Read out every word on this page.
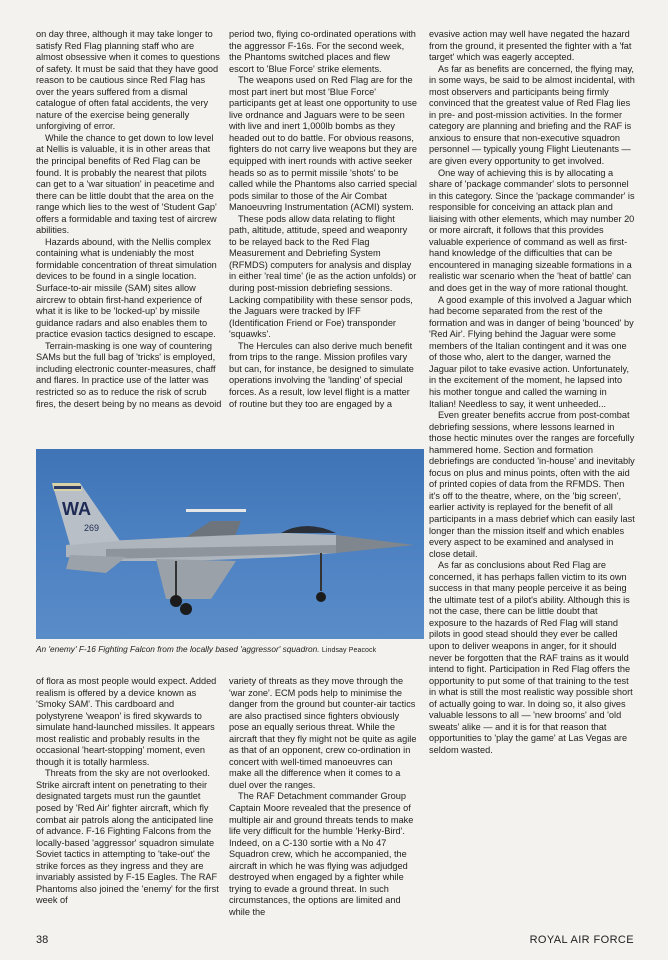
on day three, although it may take longer to satisfy Red Flag planning staff who are almost obsessive when it comes to questions of safety. It must be said that they have good reason to be cautious since Red Flag has over the years suffered from a dismal catalogue of often fatal accidents, the very nature of the exercise being generally unforgiving of error.

While the chance to get down to low level at Nellis is valuable, it is in other areas that the principal benefits of Red Flag can be found. It is probably the nearest that pilots can get to a 'war situation' in peacetime and there can be little doubt that the area on the range which lies to the west of 'Student Gap' offers a formidable and taxing test of aircrew abilities.

Hazards abound, with the Nellis complex containing what is undeniably the most formidable concentration of threat simulation devices to be found in a single location. Surface-to-air missile (SAM) sites allow aircrew to obtain first-hand experience of what it is like to be 'locked-up' by missile guidance radars and also enables them to practice evasion tactics designed to escape.

Terrain-masking is one way of countering SAMs but the full bag of 'tricks' is employed, including electronic counter-measures, chaff and flares. In practice use of the latter was restricted so as to reduce the risk of scrub fires, the desert being by no means as devoid

period two, flying co-ordinated operations with the aggressor F-16s. For the second week, the Phantoms switched places and flew escort to 'Blue Force' strike elements.

The weapons used on Red Flag are for the most part inert but most 'Blue Force' participants get at least one opportunity to use live ordnance and Jaguars were to be seen with live and inert 1,000lb bombs as they headed out to do battle. For obvious reasons, fighters do not carry live weapons but they are equipped with inert rounds with active seeker heads so as to permit missile 'shots' to be called while the Phantoms also carried special pods similar to those of the Air Combat Manoeuvring Instrumentation (ACMI) system.

These pods allow data relating to flight path, altitude, attitude, speed and weaponry to be relayed back to the Red Flag Measurement and Debriefing System (RFMDS) computers for analysis and display in either 'real time' (ie as the action unfolds) or during post-mission debriefing sessions. Lacking compatibility with these sensor pods, the Jaguars were tracked by IFF (Identification Friend or Foe) transponder 'squawks'.

The Hercules can also derive much benefit from trips to the range. Mission profiles vary but can, for instance, be designed to simulate operations involving the 'landing' of special forces. As a result, low level flight is a matter of routine but they too are engaged by a

evasive action may well have negated the hazard from the ground, it presented the fighter with a 'fat target' which was eagerly accepted.

As far as benefits are concerned, the flying may, in some ways, be said to be almost incidental, with most observers and participants being firmly convinced that the greatest value of Red Flag lies in pre- and post-mission activities. In the former category are planning and briefing and the RAF is anxious to ensure that non-executive squadron personnel — typically young Flight Lieutenants — are given every opportunity to get involved.

One way of achieving this is by allocating a share of 'package commander' slots to personnel in this category. Since the 'package commander' is responsible for conceiving an attack plan and liaising with other elements, which may number 20 or more aircraft, it follows that this provides valuable experience of command as well as first-hand knowledge of the difficulties that can be encountered in managing sizeable formations in a realistic war scenario when the 'heat of battle' can and does get in the way of more rational thought.

A good example of this involved a Jaguar which had become separated from the rest of the formation and was in danger of being 'bounced' by 'Red Air'. Flying behind the Jaguar were some members of the Italian contingent and it was one of those who, alert to the danger, warned the Jaguar pilot to take evasive action. Unfortunately, in the excitement of the moment, he lapsed into his mother tongue and called the warning in Italian! Needless to say, it went unheeded...

Even greater benefits accrue from post-combat debriefing sessions, where lessons learned in those hectic minutes over the ranges are forcefully hammered home. Section and formation debriefings are conducted 'in-house' and inevitably focus on plus and minus points, often with the aid of printed copies of data from the RFMDS. Then it's off to the theatre, where, on the 'big screen', earlier activity is replayed for the benefit of all participants in a mass debrief which can easily last longer than the mission itself and which enables every aspect to be examined and analysed in close detail.

As far as conclusions about Red Flag are concerned, it has perhaps fallen victim to its own success in that many people perceive it as being the ultimate test of a pilot's ability. Although this is not the case, there can be little doubt that exposure to the hazards of Red Flag will stand pilots in good stead should they ever be called upon to deliver weapons in anger, for it should never be forgotten that the RAF trains as it would intend to fight. Participation in Red Flag offers the opportunity to put some of that training to the test in what is still the most realistic way possible short of actually going to war. In doing so, it also gives valuable lessons to all — 'new brooms' and 'old sweats' alike — and it is for that reason that opportunities to 'play the game' at Las Vegas are seldom wasted.

WA
269
An 'enemy' F-16 Fighting Falcon from the locally based 'aggressor' squadron. Lindsay Peacock

of flora as most people would expect. Added realism is offered by a device known as 'Smoky SAM'. This cardboard and polystyrene 'weapon' is fired skywards to simulate hand-launched missiles. It appears most realistic and probably results in the occasional 'heart-stopping' moment, even though it is totally harmless.

Threats from the sky are not overlooked. Strike aircraft intent on penetrating to their designated targets must run the gauntlet posed by 'Red Air' fighter aircraft, which fly combat air patrols along the anticipated line of advance. F-16 Fighting Falcons from the locally-based 'aggressor' squadron simulate Soviet tactics in attempting to 'take-out' the strike forces as they ingress and they are invariably assisted by F-15 Eagles. The RAF Phantoms also joined the 'enemy' for the first week of

variety of threats as they move through the 'war zone'. ECM pods help to minimise the danger from the ground but counter-air tactics are also practised since fighters obviously pose an equally serious threat. While the aircraft that they fly might not be quite as agile as that of an opponent, crew co-ordination in concert with well-timed manoeuvres can make all the difference when it comes to a duel over the ranges.

The RAF Detachment commander Group Captain Moore revealed that the presence of multiple air and ground threats tends to make life very difficult for the humble 'Herky-Bird'. Indeed, on a C-130 sortie with a No 47 Squadron crew, which he accompanied, the aircraft in which he was flying was adjudged destroyed when engaged by a fighter while trying to evade a ground threat. In such circumstances, the options are limited and while the

38	ROYAL AIR FORCE
